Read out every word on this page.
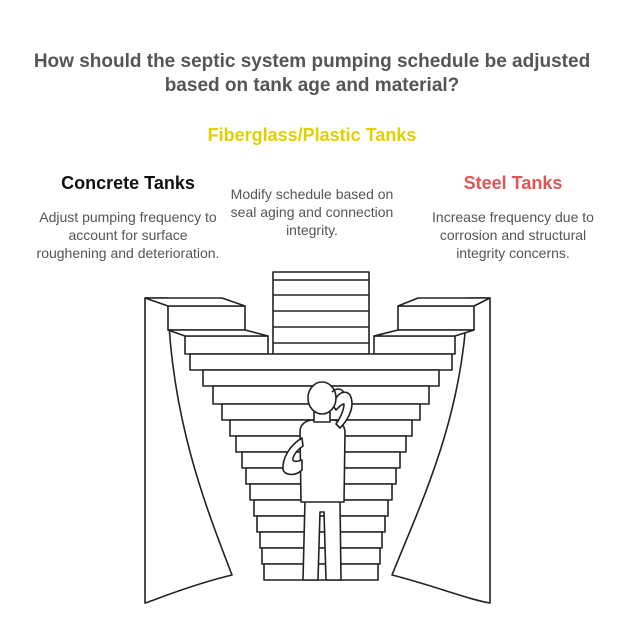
How should the septic system pumping schedule be adjusted based on tank age and material?
Concrete Tanks
Adjust pumping frequency to account for surface roughening and deterioration.
Fiberglass/Plastic Tanks
Modify schedule based on seal aging and connection integrity.
Steel Tanks
Increase frequency due to corrosion and structural integrity concerns.
